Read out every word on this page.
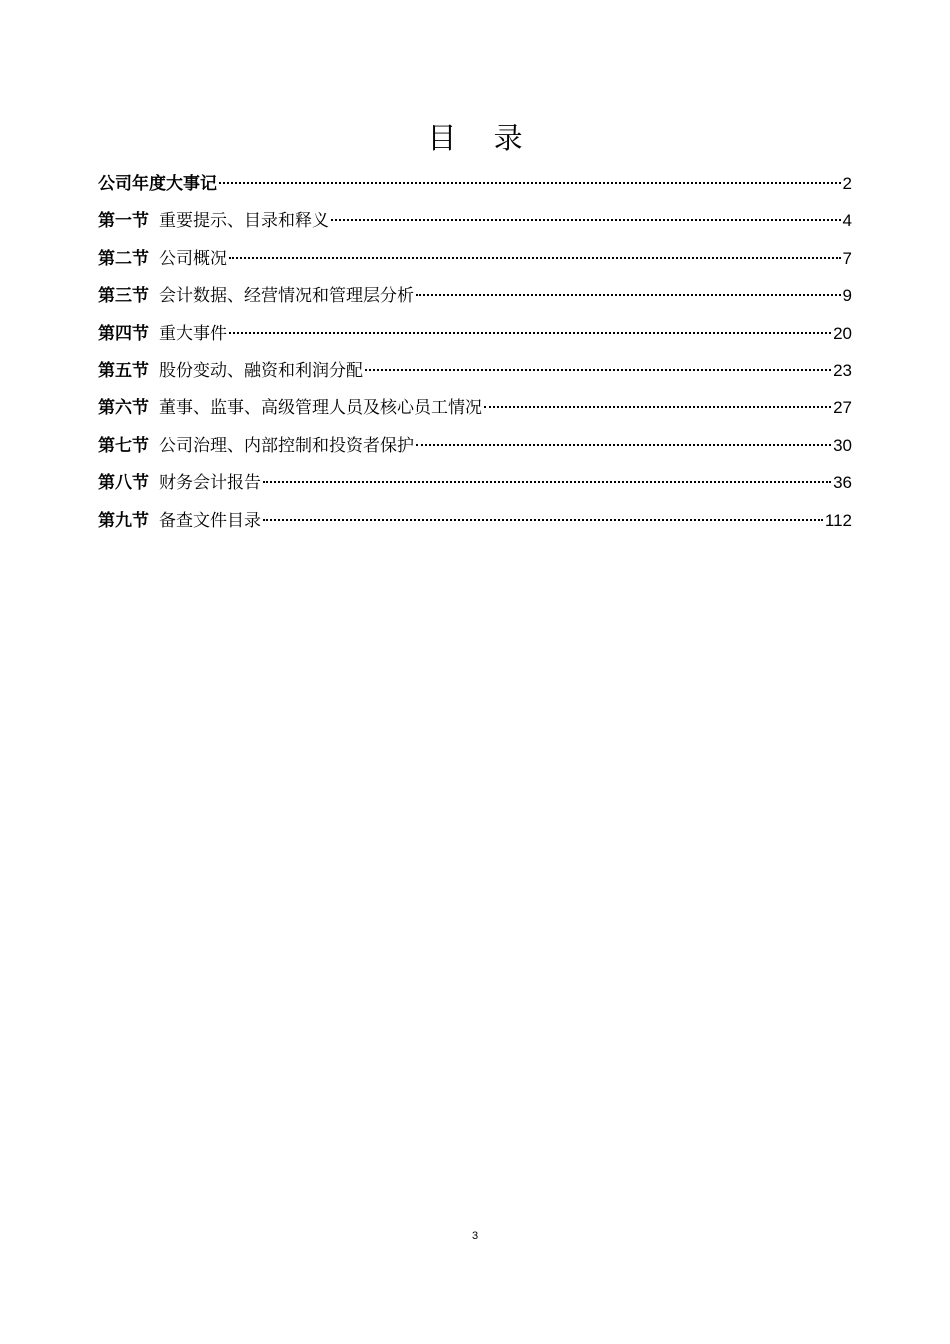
目 录
公司年度大事记	2
第一节 重要提示、目录和释义	4
第二节 公司概况	7
第三节 会计数据、经营情况和管理层分析	9
第四节 重大事件	20
第五节 股份变动、融资和利润分配	23
第六节 董事、监事、高级管理人员及核心员工情况	27
第七节 公司治理、内部控制和投资者保护	30
第八节 财务会计报告	36
第九节 备查文件目录	112
3
